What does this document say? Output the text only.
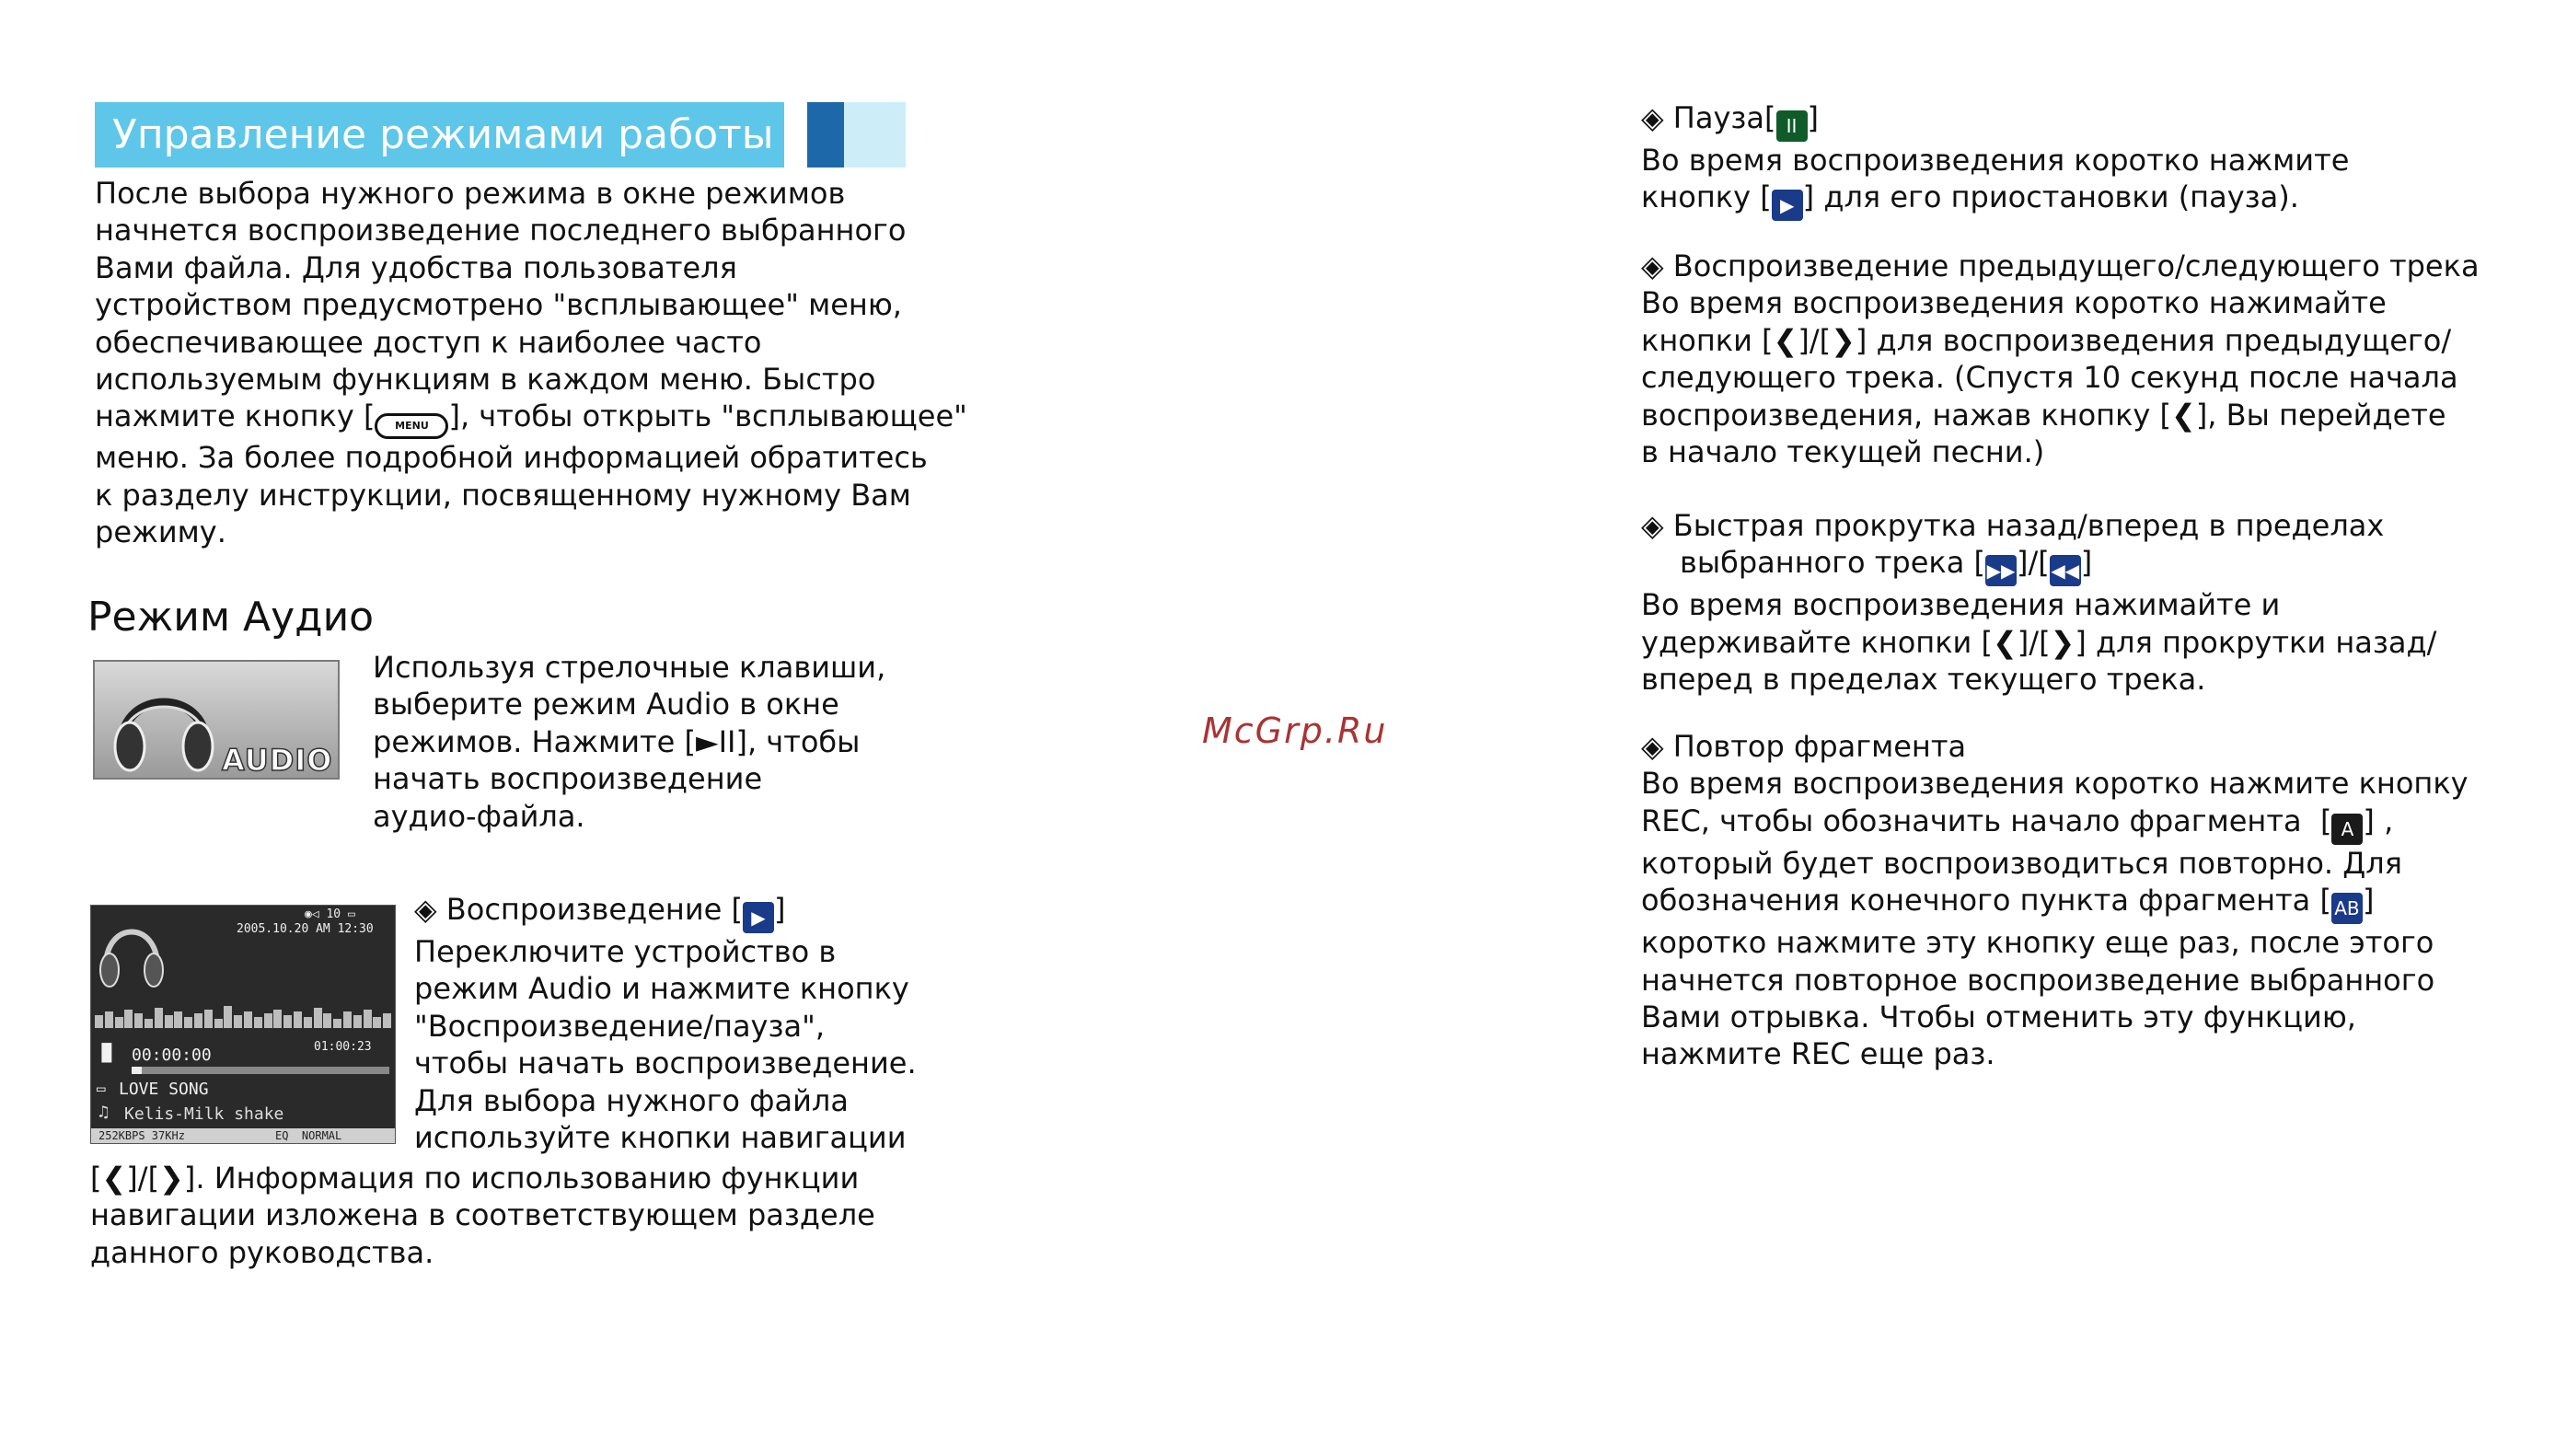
Управление режимами работы
После выбора нужного режима в окне режимов
начнется воспроизведение последнего выбранного
Вами файла. Для удобства пользователя
устройством предусмотрено "всплывающее" меню,
обеспечивающее доступ к наиболее часто
используемым функциям в каждом меню. Быстро
нажмите кнопку [ MENU ], чтобы открыть "всплывающее"
меню. За более подробной информацией обратитесь
к разделу инструкции, посвященному нужному Вам
режиму.
Режим Аудио
AUDIO
Используя стрелочные клавиши,
выберите режим Audio в окне
режимов. Нажмите [►II], чтобы
начать воспроизведение
аудио-файла.
◉◁ 10 ▭
2005.10.20 AM 12:30
▐▌ 00:00:00	01:00:23
▭ LOVE SONG
♫ Kelis-Milk shake
252KBPS 37KHz	EQ  NORMAL
◈ Воспроизведение [ ▶ ]
Переключите устройство в
режим Audio и нажмите кнопку
"Воспроизведение/пауза",
чтобы начать воспроизведение.
Для выбора нужного файла
используйте кнопки навигации
[❮]/[❯]. Информация по использованию функции
навигации изложена в соответствующем разделе
данного руководства.
McGrp.Ru
◈ Пауза[ II ]
Во время воспроизведения коротко нажмите
кнопку [ ▶ ] для его приостановки (пауза).
◈ Воспроизведение предыдущего/следующего трека
Во время воспроизведения коротко нажимайте
кнопки [❮]/[❯] для воспроизведения предыдущего/
следующего трека. (Спустя 10 секунд после начала
воспроизведения, нажав кнопку [❮], Вы перейдете
в начало текущей песни.)
◈ Быстрая прокрутка назад/вперед в пределах
выбранного трека [▶▶]/[◀◀]
Во время воспроизведения нажимайте и
удерживайте кнопки [❮]/[❯] для прокрутки назад/
вперед в пределах текущего трека.
◈ Повтор фрагмента
Во время воспроизведения коротко нажмите кнопку
REC, чтобы обозначить начало фрагмента  [ A ] ,
который будет воспроизводиться повторно. Для
обозначения конечного пункта фрагмента [ AB ]
коротко нажмите эту кнопку еще раз, после этого
начнется повторное воспроизведение выбранного
Вами отрывка. Чтобы отменить эту функцию,
нажмите REC еще раз.
